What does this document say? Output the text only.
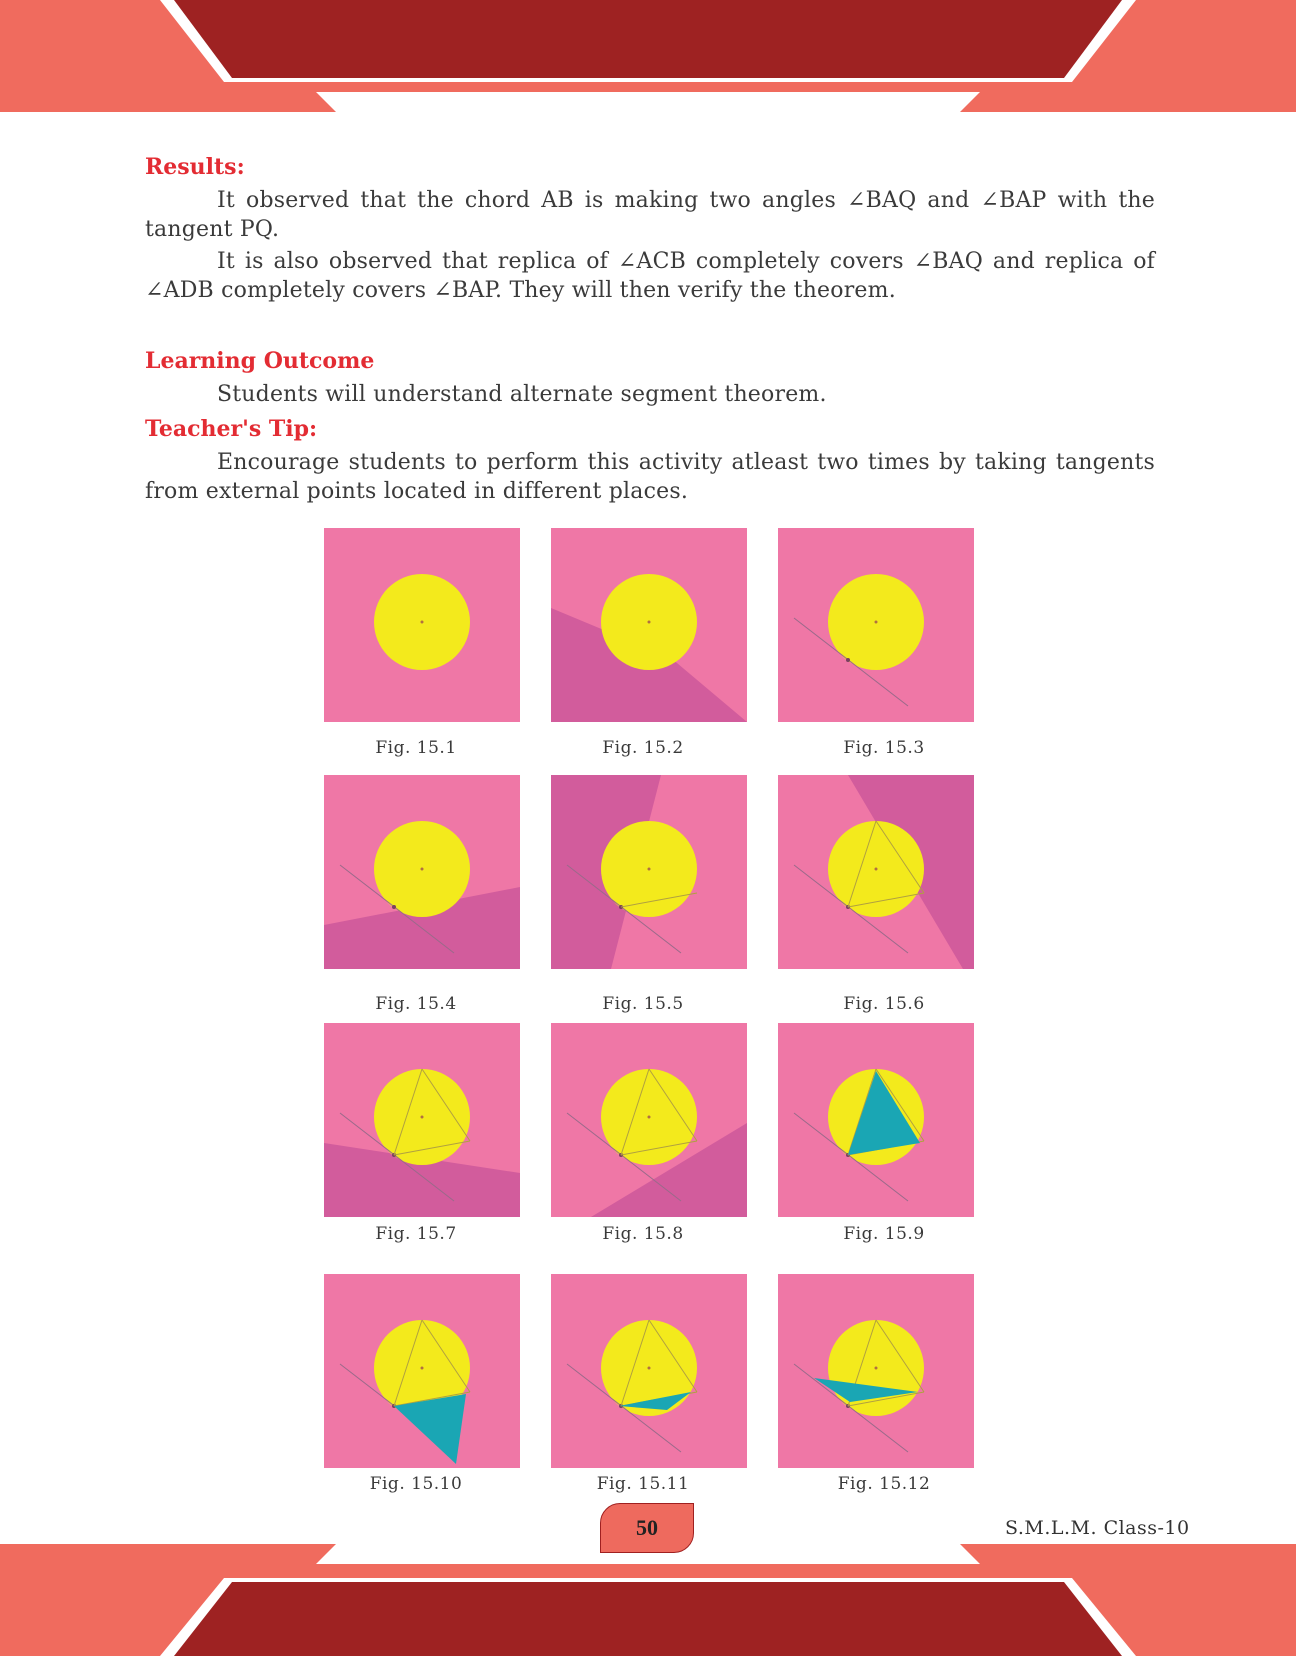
Results:

It observed that the chord AB is making two angles ∠BAQ and ∠BAP with the tangent PQ.

It is also observed that replica of ∠ACB completely covers ∠BAQ and replica of ∠ADB completely covers ∠BAP. They will then verify the theorem.

Learning Outcome

Students will understand alternate segment theorem.

Teacher's Tip:

Encourage students to perform this activity atleast two times by taking tangents from external points located in different places.

Fig. 15.1	Fig. 15.2	Fig. 15.3
Fig. 15.4	Fig. 15.5	Fig. 15.6
Fig. 15.7	Fig. 15.8	Fig. 15.9
Fig. 15.10	Fig. 15.11	Fig. 15.12
50	S.M.L.M. Class-10
